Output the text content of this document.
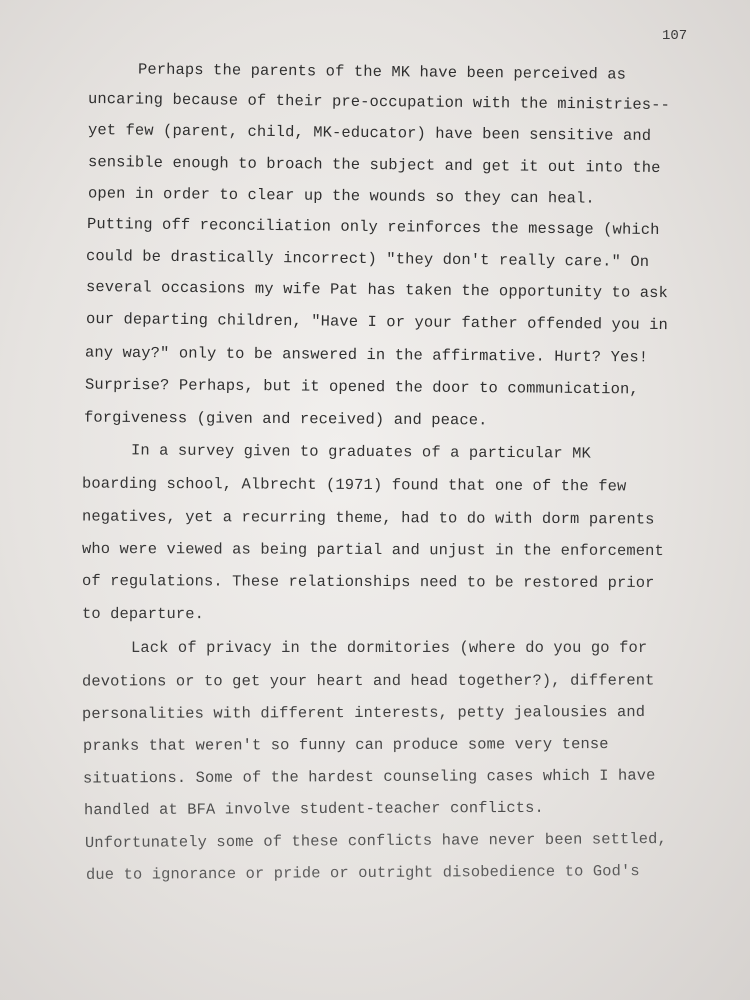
107
Perhaps the parents of the MK have been perceived as
uncaring because of their pre-occupation with the ministries--
yet few (parent, child, MK-educator) have been sensitive and
sensible enough to broach the subject and get it out into the
open in order to clear up the wounds so they can heal.
Putting off reconciliation only reinforces the message (which
could be drastically incorrect) "they don't really care." On
several occasions my wife Pat has taken the opportunity to ask
our departing children, "Have I or your father offended you in
any way?" only to be answered in the affirmative. Hurt? Yes!
Surprise? Perhaps, but it opened the door to communication,
forgiveness (given and received) and peace.
In a survey given to graduates of a particular MK
boarding school, Albrecht (1971) found that one of the few
negatives, yet a recurring theme, had to do with dorm parents
who were viewed as being partial and unjust in the enforcement
of regulations. These relationships need to be restored prior
to departure.
Lack of privacy in the dormitories (where do you go for
devotions or to get your heart and head together?), different
personalities with different interests, petty jealousies and
pranks that weren't so funny can produce some very tense
situations. Some of the hardest counseling cases which I have
handled at BFA involve student-teacher conflicts.
Unfortunately some of these conflicts have never been settled,
due to ignorance or pride or outright disobedience to God's
